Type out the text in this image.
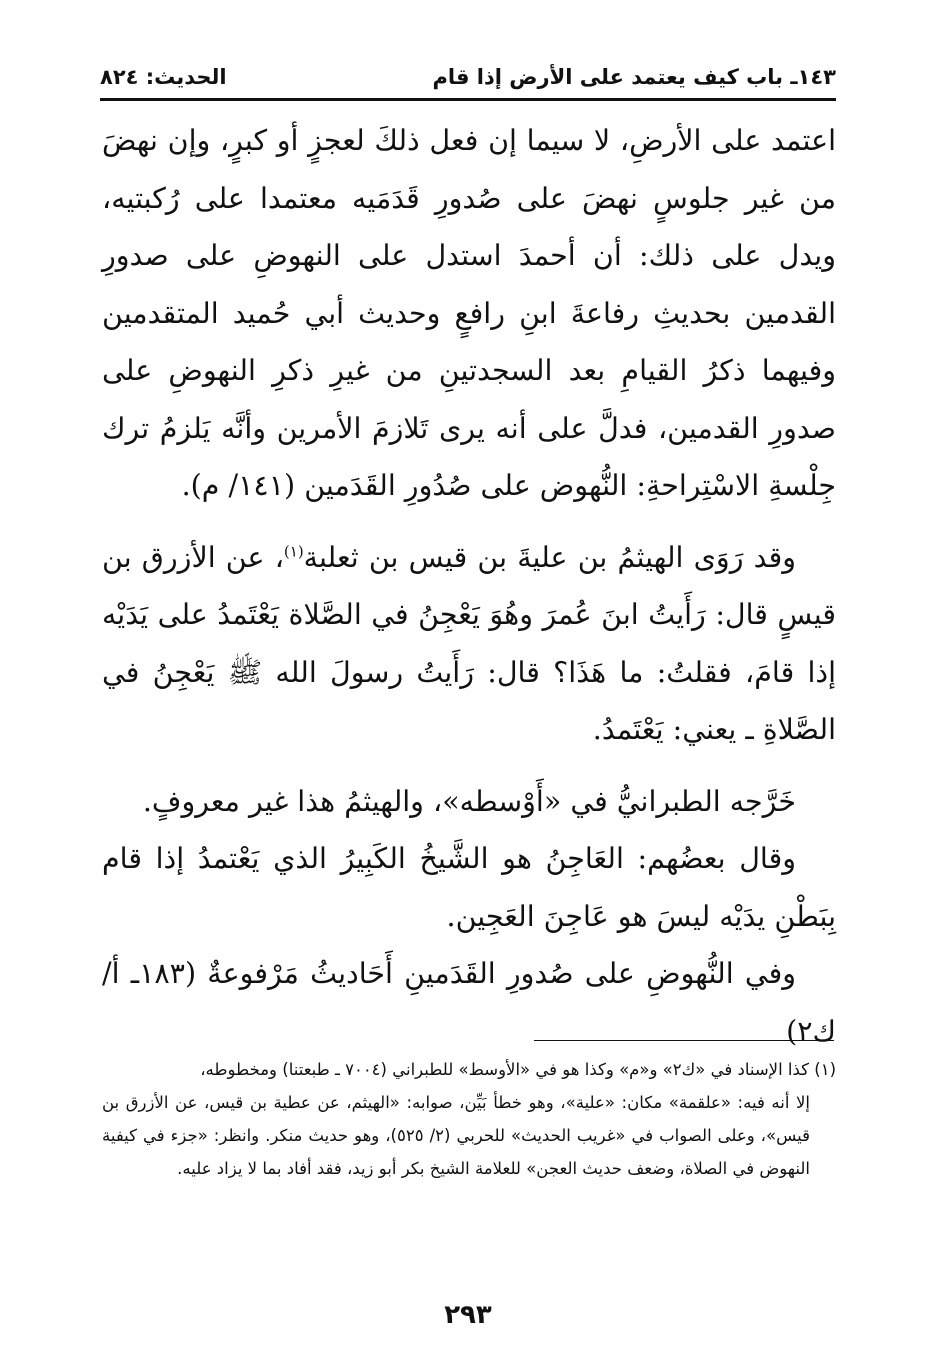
١٤٣ـ باب كيف يعتمد على الأرض إذا قام
الحديث: ٨٢٤

اعتمد على الأرضِ، لا سيما إن فعل ذلكَ لعجزٍ أو كبرٍ، وإن نهضَ من غير جلوسٍ نهضَ على صُدورِ قَدَمَيه معتمدا على رُكبتيه، ويدل على ذلك: أن أحمدَ استدل على النهوضِ على صدورِ القدمين بحديثِ رفاعةَ ابنِ رافعٍ وحديث أبي حُميد المتقدمين وفيهما ذكرُ القيامِ بعد السجدتينِ من غيرِ ذكرِ النهوضِ على صدورِ القدمين، فدلَّ على أنه يرى تَلازمَ الأمرين وأنَّه يَلزمُ ترك جِلْسةِ الاسْتِراحةِ: النُّهوض على صُدُورِ القَدَمين (١٤١/ م).

وقد رَوَى الهيثمُ بن عليةَ بن قيس بن ثعلبة$^{(١)}$، عن الأزرق بن قيسٍ قال: رَأَيتُ ابنَ عُمرَ وهُوَ يَعْجِنُ في الصَّلاة يَعْتَمدُ على يَدَيْه إذا قامَ، فقلتُ: ما هَذَا؟ قال: رَأَيتُ رسولَ الله ﷺ يَعْجِنُ في الصَّلاةِ ـ يعني: يَعْتَمدُ.

خَرَّجه الطبرانيُّ في «أَوْسطه»، والهيثمُ هذا غير معروفٍ.

وقال بعضُهم: العَاجِنُ هو الشَّيخُ الكَبِيرُ الذي يَعْتمدُ إذا قام بِبَطْنِ يدَيْه ليسَ هو عَاجِنَ العَجِين.

وفي النُّهوضِ على صُدورِ القَدَمينِ أَحَاديثُ مَرْفوعةٌ (١٨٣ـ أ/ ك٢)

(١) كذا الإسناد في «ك٢» و«م» وكذا هو في «الأوسط» للطبراني (٧٠٠٤ ـ طبعتنا) ومخطوطه،

إلا أنه فيه: «علقمة» مكان: «علية»، وهو خطأ بَيِّن، صوابه: «الهيثم، عن عطية بن قيس، عن الأزرق بن قيس»، وعلى الصواب في «غريب الحديث» للحربي (٢/ ٥٢٥)، وهو حديث منكر. وانظر: «جزء في كيفية النهوض في الصلاة، وضعف حديث العجن» للعلامة الشيخ بكر أبو زيد، فقد أفاد بما لا يزاد عليه.

٢٩٣
